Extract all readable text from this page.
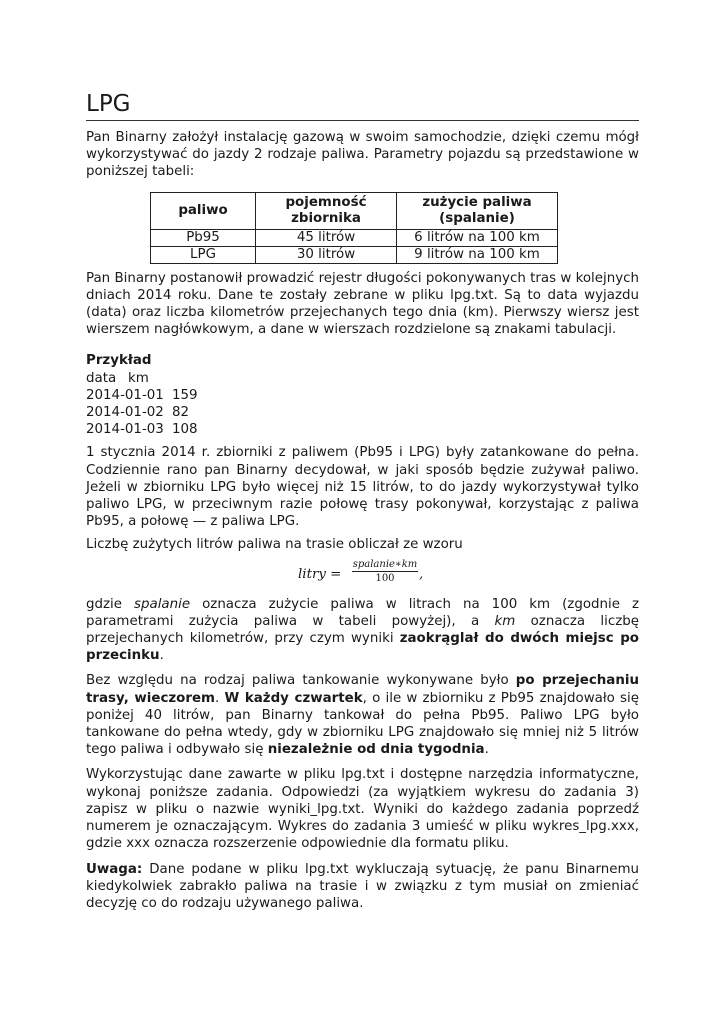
LPG

Pan Binarny założył instalację gazową w swoim samochodzie, dzięki czemu mógł wykorzystywać do jazdy 2 rodzaje paliwa. Parametry pojazdu są przedstawione w poniższej tabeli:

paliwo	pojemność zbiornika	zużycie paliwa (spalanie)
Pb95	45 litrów	6 litrów na 100 km
LPG	30 litrów	9 litrów na 100 km

Pan Binarny postanowił prowadzić rejestr długości pokonywanych tras w kolejnych dniach 2014 roku. Dane te zostały zebrane w pliku lpg.txt. Są to data wyjazdu (data) oraz liczba kilometrów przejechanych tego dnia (km). Pierwszy wiersz jest wierszem nagłówkowym, a dane w wierszach rozdzielone są znakami tabulacji.

Przykład
data km
2014-01-01 159
2014-01-02 82
2014-01-03 108

1 stycznia 2014 r. zbiorniki z paliwem (Pb95 i LPG) były zatankowane do pełna. Codziennie rano pan Binarny decydował, w jaki sposób będzie zużywał paliwo. Jeżeli w zbiorniku LPG było więcej niż 15 litrów, to do jazdy wykorzystywał tylko paliwo LPG, w przeciwnym razie połowę trasy pokonywał, korzystając z paliwa Pb95, a połowę — z paliwa LPG.

Liczbę zużytych litrów paliwa na trasie obliczał ze wzoru

litry =
spalanie∗km
100	,

gdzie spalanie oznacza zużycie paliwa w litrach na 100 km (zgodnie z parametrami zużycia paliwa w tabeli powyżej), a km oznacza liczbę przejechanych kilometrów, przy czym wyniki zaokrąglał do dwóch miejsc po przecinku.

Bez względu na rodzaj paliwa tankowanie wykonywane było po przejechaniu trasy, wieczorem. W każdy czwartek, o ile w zbiorniku z Pb95 znajdowało się poniżej 40 litrów, pan Binarny tankował do pełna Pb95. Paliwo LPG było tankowane do pełna wtedy, gdy w zbiorniku LPG znajdowało się mniej niż 5 litrów tego paliwa i odbywało się niezależnie od dnia tygodnia.

Wykorzystując dane zawarte w pliku lpg.txt i dostępne narzędzia informatyczne, wykonaj poniższe zadania. Odpowiedzi (za wyjątkiem wykresu do zadania 3) zapisz w pliku o nazwie wyniki_lpg.txt. Wyniki do każdego zadania poprzedź numerem je oznaczającym. Wykres do zadania 3 umieść w pliku wykres_lpg.xxx, gdzie xxx oznacza rozszerzenie odpowiednie dla formatu pliku.

Uwaga: Dane podane w pliku lpg.txt wykluczają sytuację, że panu Binarnemu kiedykolwiek zabrakło paliwa na trasie i w związku z tym musiał on zmieniać decyzję co do rodzaju używanego paliwa.
